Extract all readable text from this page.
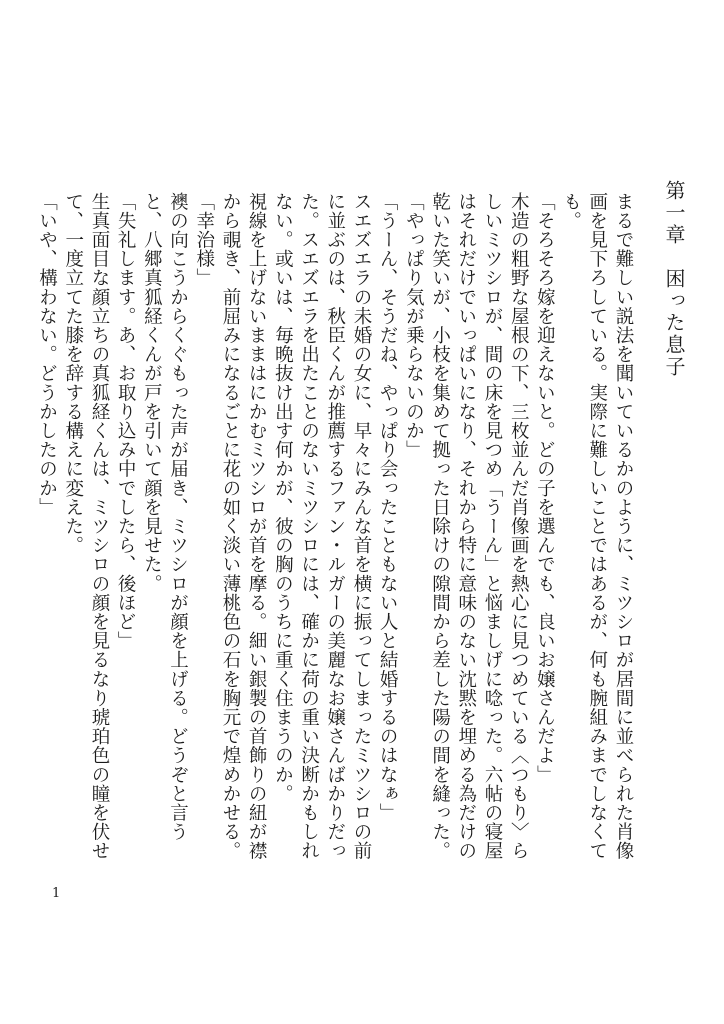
第一章　困った息子

まるで難しい説法を聞いているかのように、ミツシロが居間に並べられた肖像画を見下ろしている。実際に難しいことではあるが、何も腕組みまでしなくても。

「そろそろ嫁を迎えないと。どの子を選んでも、良いお嬢さんだよ」

木造の粗野な屋根の下、三枚並んだ肖像画を熱心に見つめている〈つもり〉らしいミツシロが、間の床を見つめ「うーん」と悩ましげに唸った。六帖の寝屋はそれだけでいっぱいになり、それから特に意味のない沈黙を埋める為だけの乾いた笑いが、小枝を集めて拠った日除けの隙間から差した陽の間を縫った。

「やっぱり気が乗らないのか」

「うーん、そうだね、やっぱり会ったこともない人と結婚するのはなぁ」

スエズエラの未婚の女に、早々にみんな首を横に振ってしまったミツシロの前に並ぶのは、秋臣くんが推薦するファン・ルガーの美麗なお嬢さんばかりだった。スエズエラを出たことのないミツシロには、確かに荷の重い決断かもしれない。或いは、毎晩抜け出す何かが、彼の胸のうちに重く住まうのか。

視線を上げないままはにかむミツシロが首を摩る。細い銀製の首飾りの紐が襟から覗き、前屈みになるごとに花の如く淡い薄桃色の石を胸元で煌めかせる。

「幸治様」

襖の向こうからくぐもった声が届き、ミツシロが顔を上げる。どうぞと言うと、八郷真狐経くんが戸を引いて顔を見せた。

「失礼します。あ、お取り込み中でしたら、後ほど」

生真面目な顔立ちの真狐経くんは、ミツシロの顔を見るなり琥珀色の瞳を伏せて、一度立てた膝を辞する構えに変えた。

「いや、構わない。どうかしたのか」

1
